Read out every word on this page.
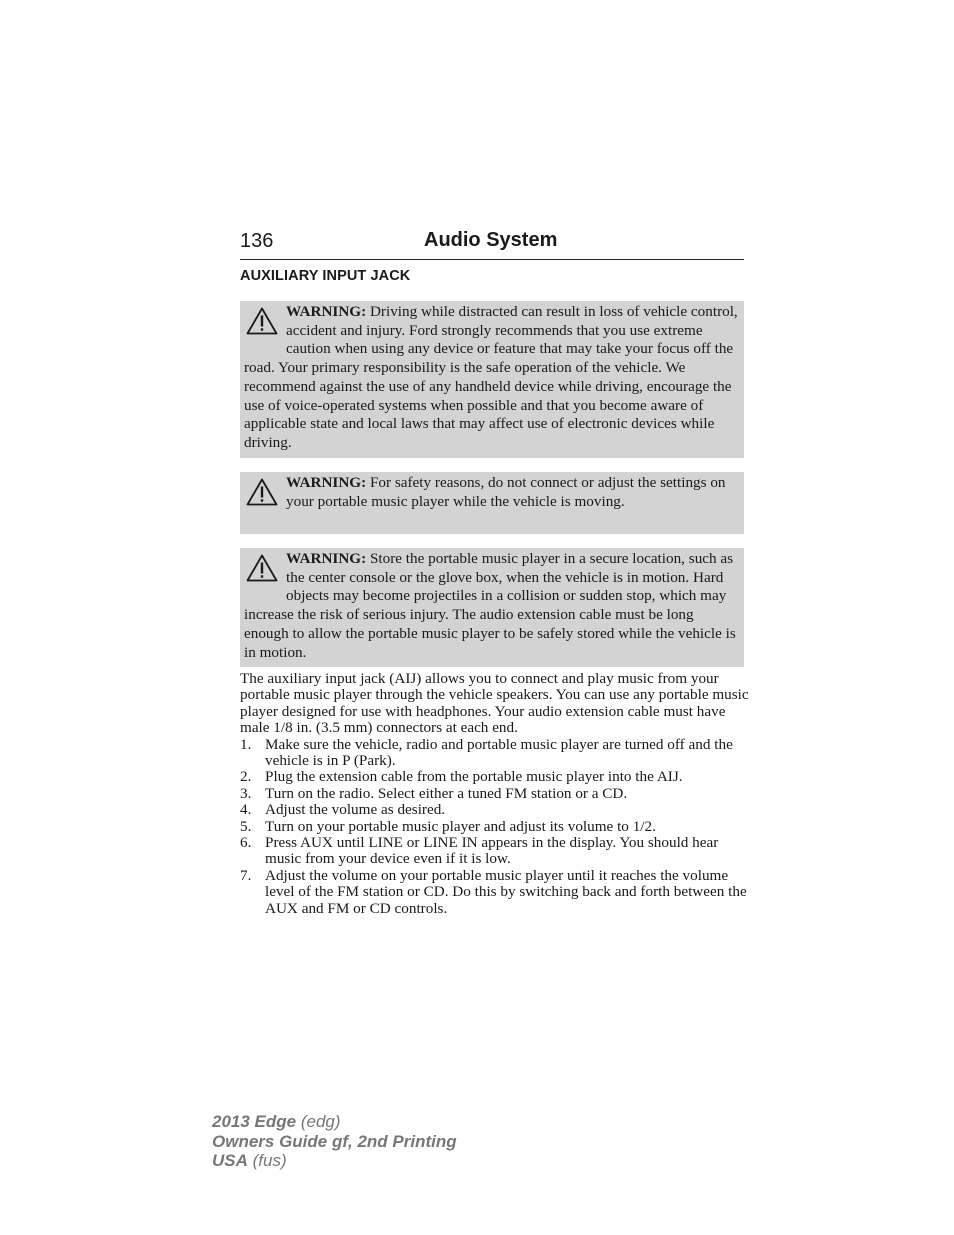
136	Audio System
AUXILIARY INPUT JACK
WARNING: Driving while distracted can result in loss of vehicle control, accident and injury. Ford strongly recommends that you use extreme caution when using any device or feature that may take your focus off the road. Your primary responsibility is the safe operation of the vehicle. We recommend against the use of any handheld device while driving, encourage the use of voice-operated systems when possible and that you become aware of applicable state and local laws that may affect use of electronic devices while driving.
WARNING: For safety reasons, do not connect or adjust the settings on your portable music player while the vehicle is moving.
WARNING: Store the portable music player in a secure location, such as the center console or the glove box, when the vehicle is in motion. Hard objects may become projectiles in a collision or sudden stop, which may increase the risk of serious injury. The audio extension cable must be long enough to allow the portable music player to be safely stored while the vehicle is in motion.

The auxiliary input jack (AIJ) allows you to connect and play music from your portable music player through the vehicle speakers. You can use any portable music player designed for use with headphones. Your audio extension cable must have male 1/8 in. (3.5 mm) connectors at each end.

1. Make sure the vehicle, radio and portable music player are turned off and the vehicle is in P (Park).
2. Plug the extension cable from the portable music player into the AIJ.
3. Turn on the radio. Select either a tuned FM station or a CD.
4. Adjust the volume as desired.
5. Turn on your portable music player and adjust its volume to 1/2.
6. Press AUX until LINE or LINE IN appears in the display. You should hear music from your device even if it is low.
7. Adjust the volume on your portable music player until it reaches the volume level of the FM station or CD. Do this by switching back and forth between the AUX and FM or CD controls.
2013 Edge (edg)
Owners Guide gf, 2nd Printing
USA (fus)
